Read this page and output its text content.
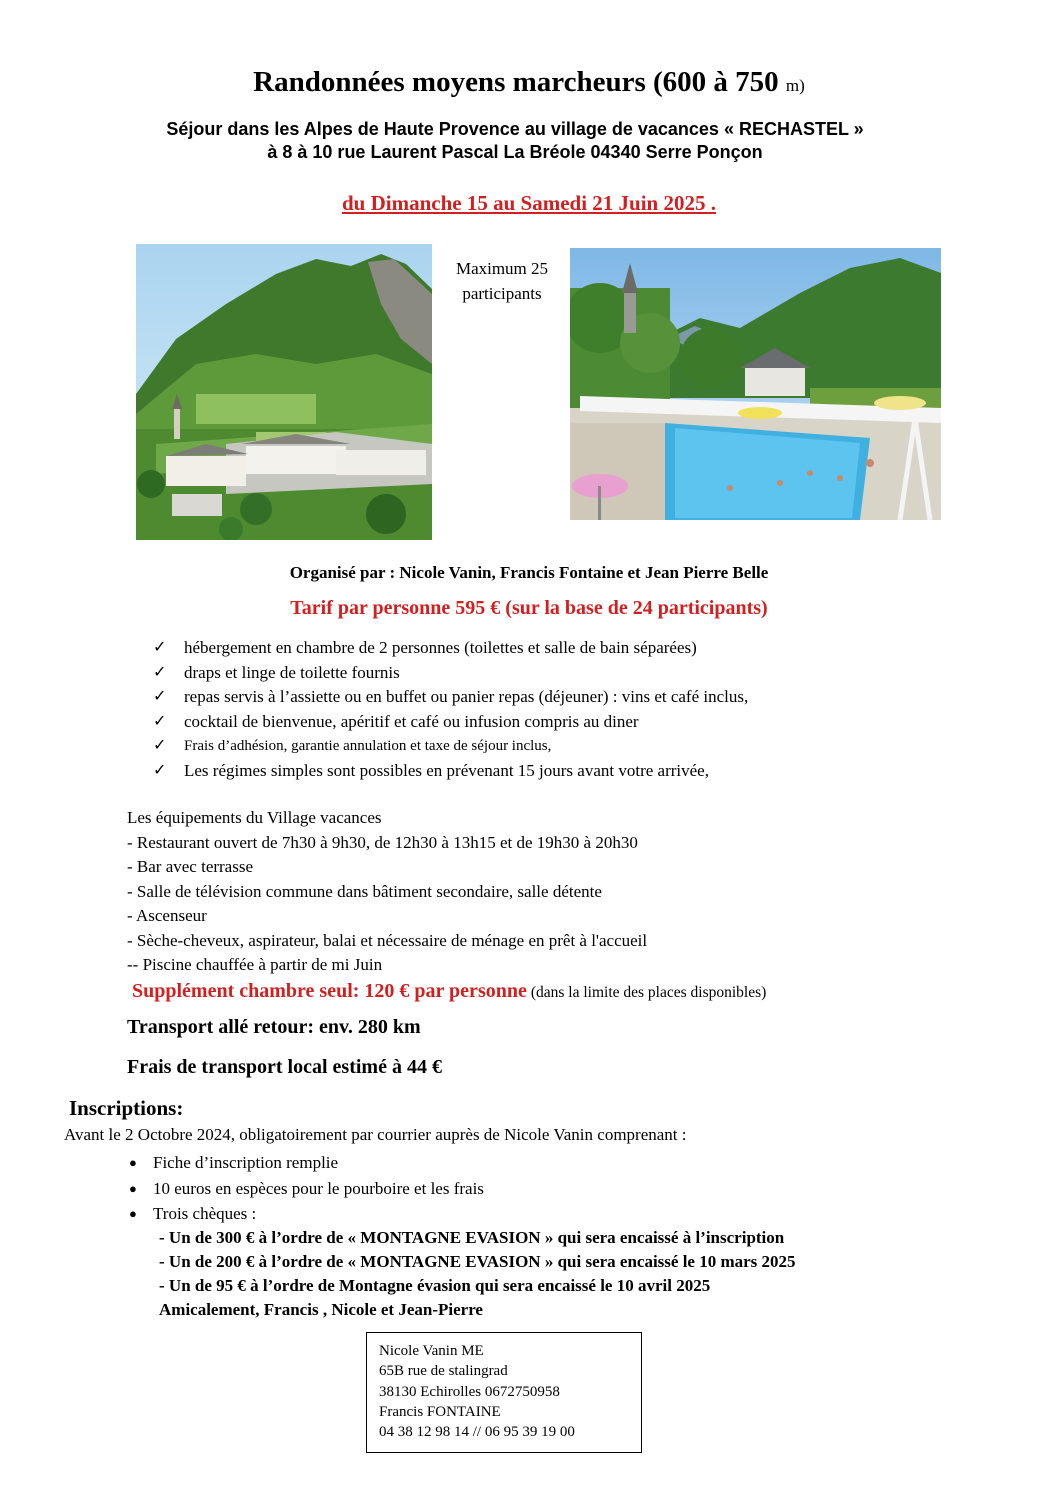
Randonnées moyens marcheurs (600 à 750 m)
Séjour dans les Alpes de Haute Provence au village de vacances « RECHASTEL »
à 8 à 10 rue Laurent Pascal La Bréole 04340 Serre Ponçon
du Dimanche 15 au Samedi 21 Juin 2025 .
Maximum 25
participants
Organisé par : Nicole Vanin, Francis Fontaine et Jean Pierre Belle
Tarif par personne 595 € (sur la base de 24 participants)
✓ hébergement en chambre de 2 personnes (toilettes et salle de bain séparées)
✓ draps et linge de toilette fournis
✓ repas servis à l’assiette ou en buffet ou panier repas (déjeuner) : vins et café inclus,
✓ cocktail de bienvenue, apéritif et café ou infusion compris au diner
✓ Frais d’adhésion, garantie annulation et taxe de séjour inclus,
✓ Les régimes simples sont possibles en prévenant 15 jours avant votre arrivée,
Les équipements du Village vacances
- Restaurant ouvert de 7h30 à 9h30, de 12h30 à 13h15 et de 19h30 à 20h30
- Bar avec terrasse
- Salle de télévision commune dans bâtiment secondaire, salle détente
- Ascenseur
- Sèche-cheveux, aspirateur, balai et nécessaire de ménage en prêt à l'accueil
-- Piscine chauffée à partir de mi Juin
Supplément chambre seul: 120 € par personne (dans la limite des places disponibles)
Transport allé retour: env. 280 km
Frais de transport local estimé à 44 €
Inscriptions:
Avant le 2 Octobre 2024, obligatoirement par courrier auprès de Nicole Vanin comprenant :
● Fiche d’inscription remplie
● 10 euros en espèces pour le pourboire et les frais
● Trois chèques :
- Un de 300 € à l’ordre de « MONTAGNE EVASION » qui sera encaissé à l’inscription
- Un de 200 € à l’ordre de « MONTAGNE EVASION » qui sera encaissé le 10 mars 2025
- Un de 95 € à l’ordre de Montagne évasion qui sera encaissé le 10 avril 2025
Amicalement, Francis , Nicole et Jean-Pierre
Nicole Vanin ME
65B rue de stalingrad
38130 Echirolles 0672750958
Francis FONTAINE
04 38 12 98 14 // 06 95 39 19 00
